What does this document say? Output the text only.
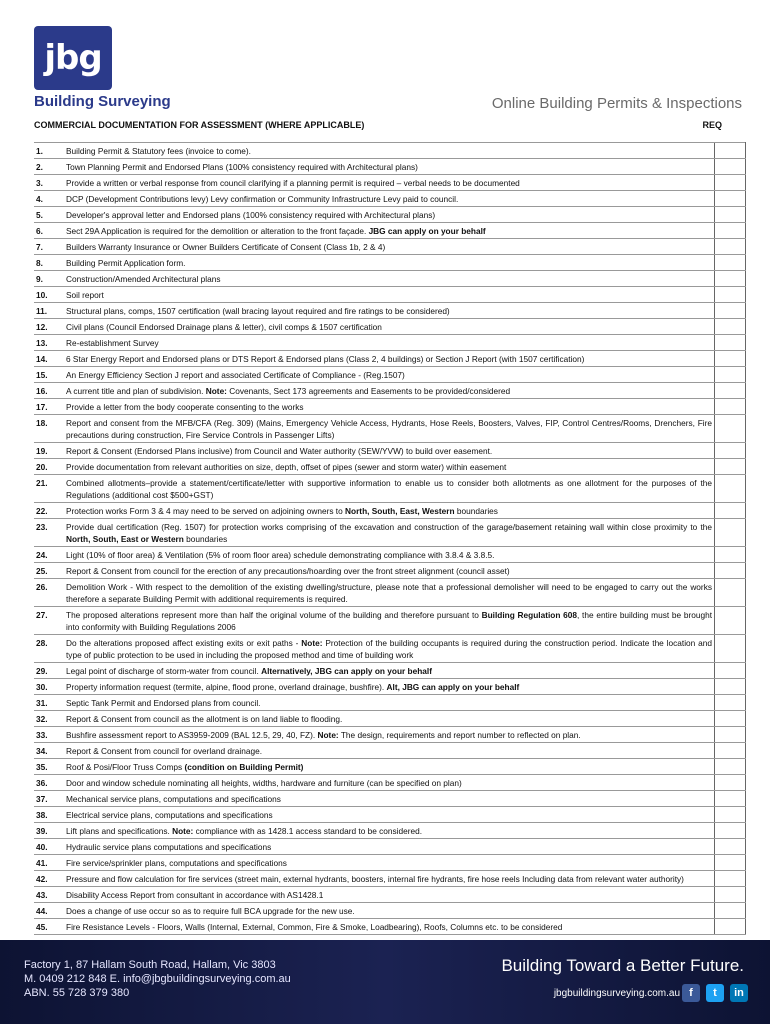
jbg
Building Surveying	Online Building Permits & Inspections
COMMERCIAL DOCUMENTATION FOR ASSESSMENT (WHERE APPLICABLE)	REQ
1.	Building Permit & Statutory fees (invoice to come).	
2.	Town Planning Permit and Endorsed Plans (100% consistency required with Architectural plans)	
3.	Provide a written or verbal response from council clarifying if a planning permit is required – verbal needs to be documented	
4.	DCP (Development Contributions levy) Levy confirmation or Community Infrastructure Levy paid to council.	
5.	Developer's approval letter and Endorsed plans (100% consistency required with Architectural plans)	
6.	Sect 29A Application is required for the demolition or alteration to the front façade. JBG can apply on your behalf	
7.	Builders Warranty Insurance or Owner Builders Certificate of Consent (Class 1b, 2 & 4)	
8.	Building Permit Application form.	
9.	Construction/Amended Architectural plans	
10.	Soil report	
11.	Structural plans, comps, 1507 certification (wall bracing layout required and fire ratings to be considered)	
12.	Civil plans (Council Endorsed Drainage plans & letter), civil comps & 1507 certification	
13.	Re-establishment Survey	
14.	6 Star Energy Report and Endorsed plans or DTS Report & Endorsed plans (Class 2, 4 buildings) or Section J Report (with 1507 certification)	
15.	An Energy Efficiency Section J report and associated Certificate of Compliance - (Reg.1507)	
16.	A current title and plan of subdivision. Note: Covenants, Sect 173 agreements and Easements to be provided/considered	
17.	Provide a letter from the body cooperate consenting to the works	
18.	Report and consent from the MFB/CFA (Reg. 309) (Mains, Emergency Vehicle Access, Hydrants, Hose Reels, Boosters, Valves, FIP, Control Centres/Rooms, Drenchers, Fire precautions during construction, Fire Service Controls in Passenger Lifts)	
19.	Report & Consent (Endorsed Plans inclusive) from Council and Water authority (SEW/YVW) to build over easement.	
20.	Provide documentation from relevant authorities on size, depth, offset of pipes (sewer and storm water) within easement	
21.	Combined allotments–provide a statement/certificate/letter with supportive information to enable us to consider both allotments as one allotment for the purposes of the Regulations (additional cost $500+GST)	
22.	Protection works Form 3 & 4 may need to be served on adjoining owners to North, South, East, Western boundaries	
23.	Provide dual certification (Reg. 1507) for protection works comprising of the excavation and construction of the garage/basement retaining wall within close proximity to the North, South, East or Western boundaries	
24.	Light (10% of floor area) & Ventilation (5% of room floor area) schedule demonstrating compliance with 3.8.4 & 3.8.5.	
25.	Report & Consent from council for the erection of any precautions/hoarding over the front street alignment (council asset)	
26.	Demolition Work - With respect to the demolition of the existing dwelling/structure, please note that a professional demolisher will need to be engaged to carry out the works therefore a separate Building Permit with additional requirements is required.	
27.	The proposed alterations represent more than half the original volume of the building and therefore pursuant to Building Regulation 608, the entire building must be brought into conformity with Building Regulations 2006	
28.	Do the alterations proposed affect existing exits or exit paths - Note: Protection of the building occupants is required during the construction period. Indicate the location and type of public protection to be used in including the proposed method and time of building work	
29.	Legal point of discharge of storm-water from council. Alternatively, JBG can apply on your behalf	
30.	Property information request (termite, alpine, flood prone, overland drainage, bushfire). Alt, JBG can apply on your behalf	
31.	Septic Tank Permit and Endorsed plans from council.	
32.	Report & Consent from council as the allotment is on land liable to flooding.	
33.	Bushfire assessment report to AS3959-2009 (BAL 12.5, 29, 40, FZ). Note: The design, requirements and report number to reflected on plan.	
34.	Report & Consent from council for overland drainage.	
35.	Roof & Posi/Floor Truss Comps (condition on Building Permit)	
36.	Door and window schedule nominating all heights, widths, hardware and furniture (can be specified on plan)	
37.	Mechanical service plans, computations and specifications	
38.	Electrical service plans, computations and specifications	
39.	Lift plans and specifications. Note: compliance with as 1428.1 access standard to be considered.	
40.	Hydraulic service plans computations and specifications	
41.	Fire service/sprinkler plans, computations and specifications	
42.	Pressure and flow calculation for fire services (street main, external hydrants, boosters, internal fire hydrants, fire hose reels Including data from relevant water authority)	
43.	Disability Access Report from consultant in accordance with AS1428.1	
44.	Does a change of use occur so as to require full BCA upgrade for the new use.	
45.	Fire Resistance Levels - Floors, Walls (Internal, External, Common, Fire & Smoke, Loadbearing), Roofs, Columns etc. to be considered	
Factory 1, 87 Hallam South Road, Hallam, Vic 3803
M. 0409 212 848 E. info@jbgbuildingsurveying.com.au
ABN. 55 728 379 380
Building Toward a Better Future.
jbgbuildingsurveying.com.au f	t	in
